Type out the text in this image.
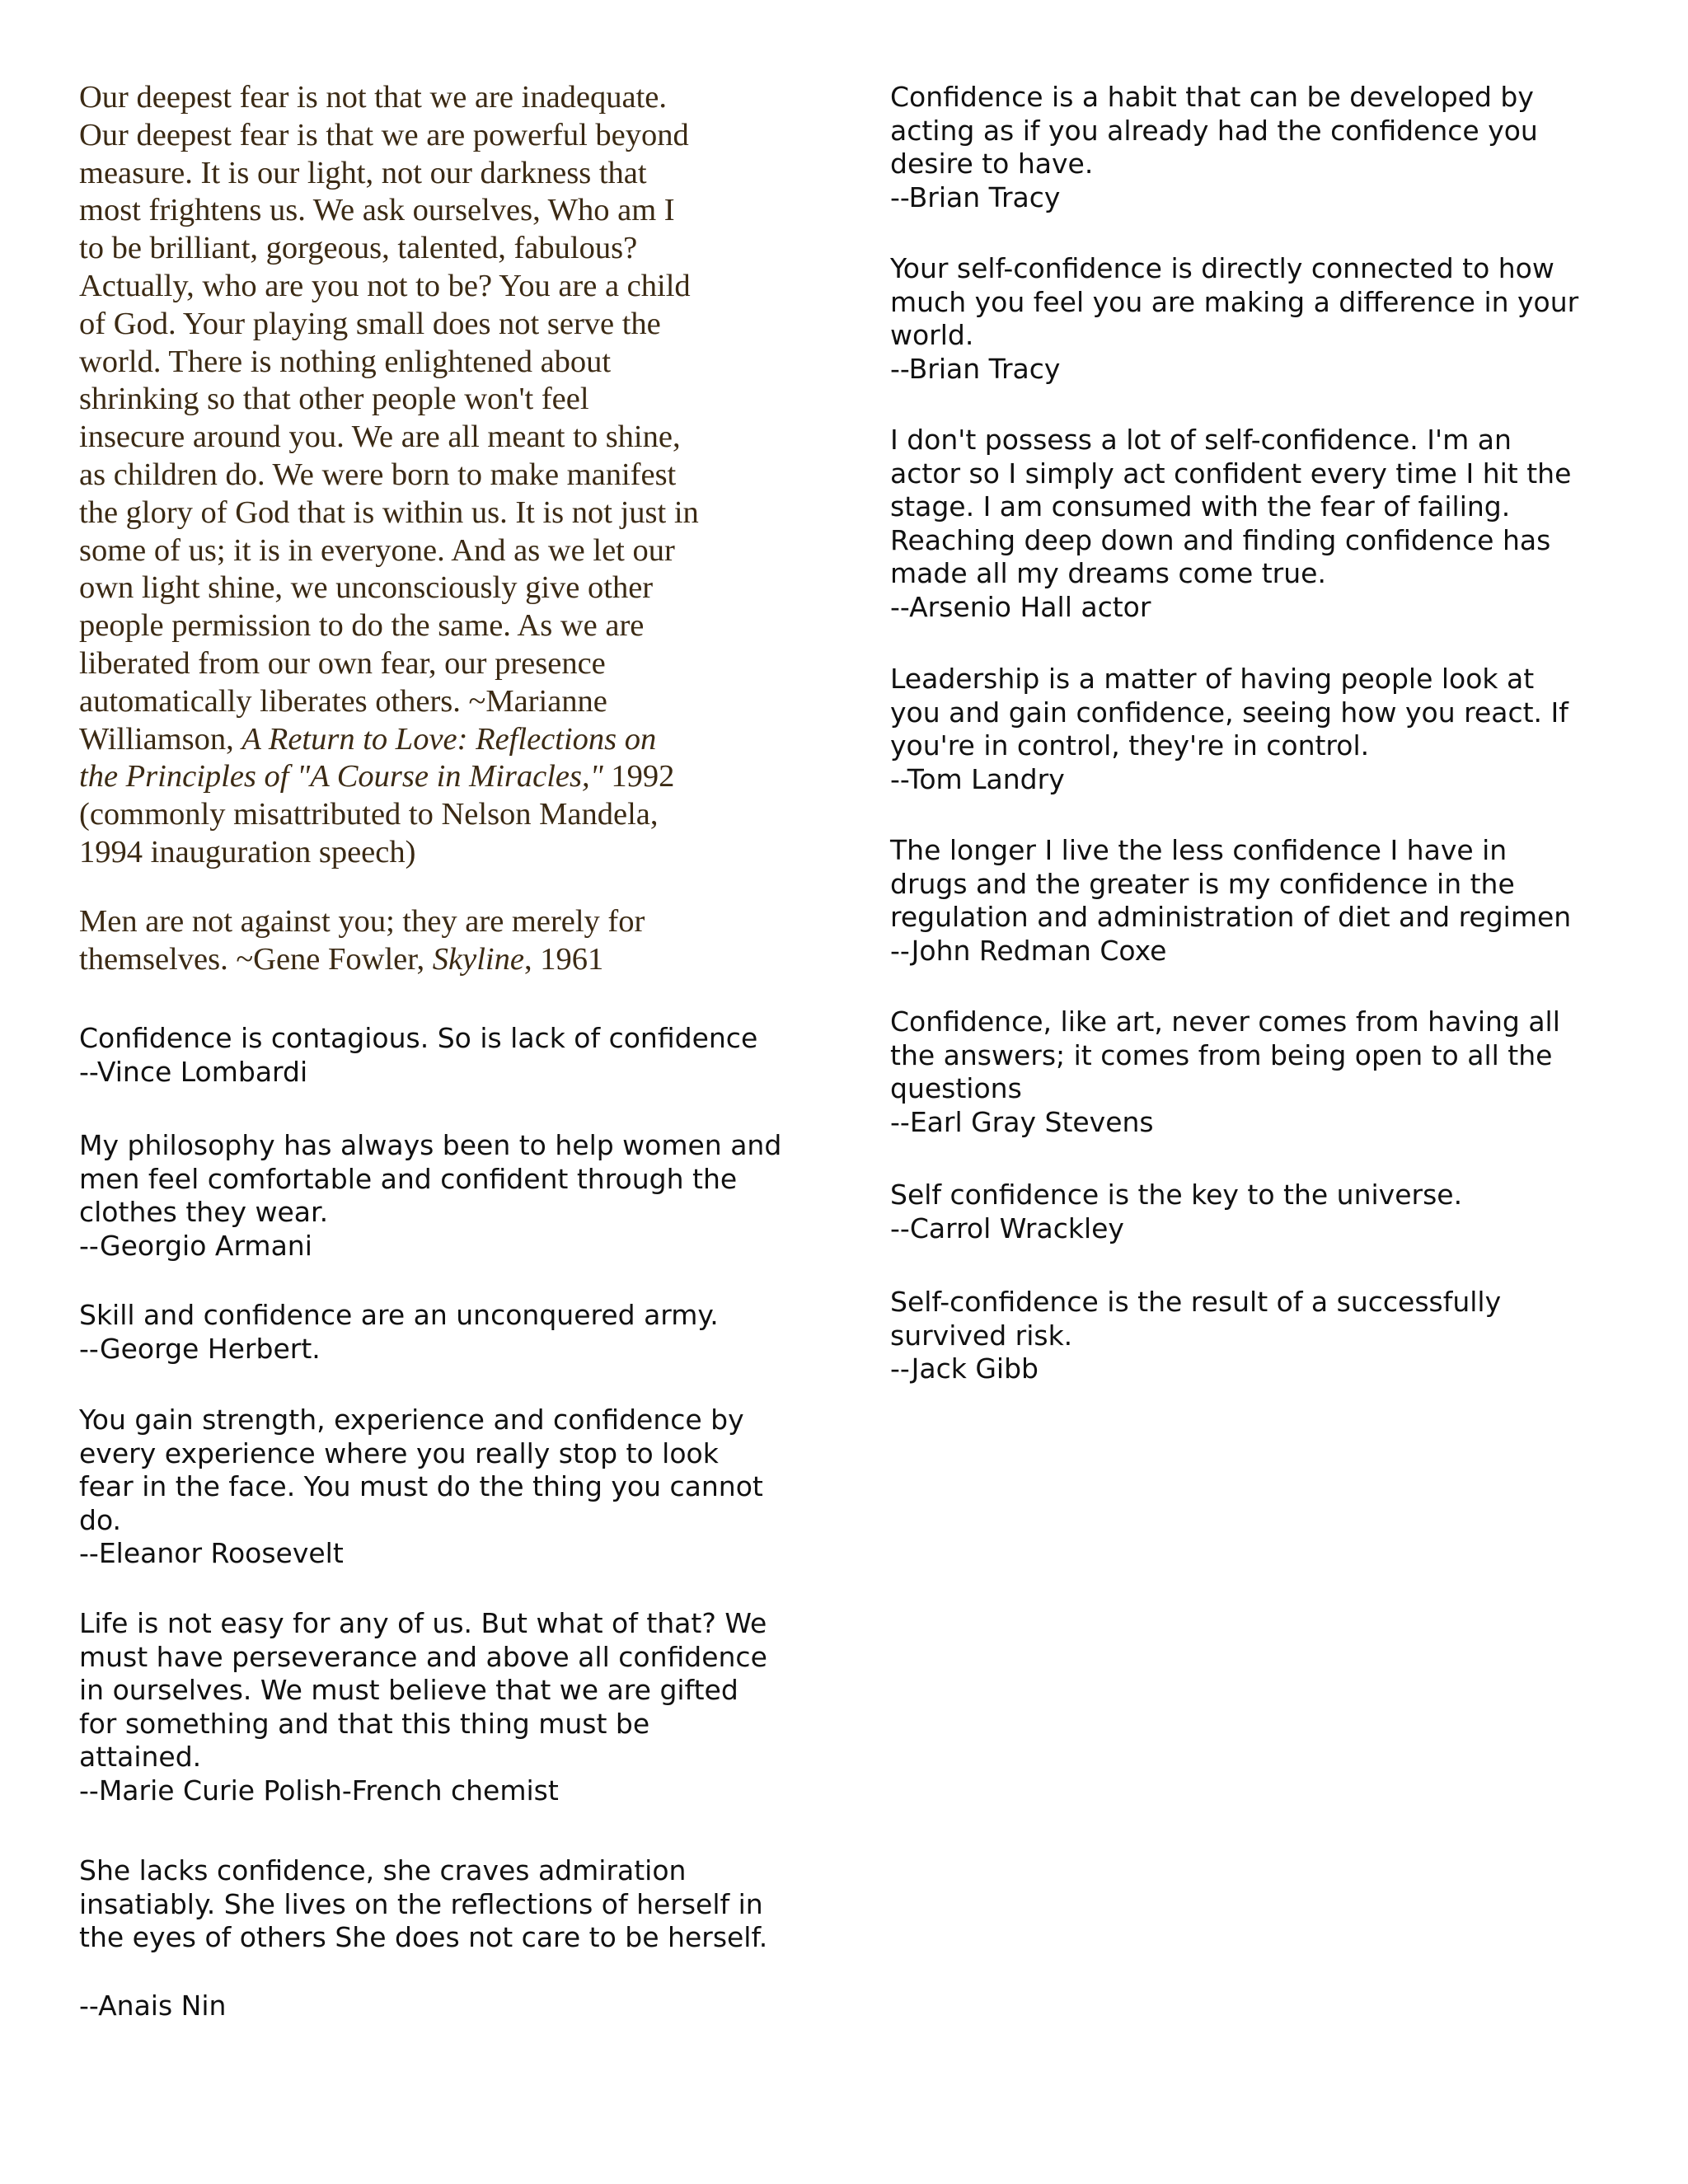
Our deepest fear is not that we are inadequate.
Our deepest fear is that we are powerful beyond
measure. It is our light, not our darkness that
most frightens us. We ask ourselves, Who am I
to be brilliant, gorgeous, talented, fabulous?
Actually, who are you not to be? You are a child
of God. Your playing small does not serve the
world. There is nothing enlightened about
shrinking so that other people won't feel
insecure around you. We are all meant to shine,
as children do. We were born to make manifest
the glory of God that is within us. It is not just in
some of us; it is in everyone. And as we let our
own light shine, we unconsciously give other
people permission to do the same. As we are
liberated from our own fear, our presence
automatically liberates others. ~Marianne
Williamson, A Return to Love: Reflections on
the Principles of "A Course in Miracles," 1992
(commonly misattributed to Nelson Mandela,
1994 inauguration speech)
Men are not against you; they are merely for
themselves. ~Gene Fowler, Skyline, 1961
Confidence is contagious. So is lack of confidence
--Vince Lombardi
My philosophy has always been to help women and
men feel comfortable and confident through the
clothes they wear.
--Georgio Armani
Skill and confidence are an unconquered army.
--George Herbert.
You gain strength, experience and confidence by
every experience where you really stop to look
fear in the face. You must do the thing you cannot
do.
--Eleanor Roosevelt
Life is not easy for any of us. But what of that? We
must have perseverance and above all confidence
in ourselves. We must believe that we are gifted
for something and that this thing must be
attained.
--Marie Curie Polish-French chemist
She lacks confidence, she craves admiration
insatiably. She lives on the reflections of herself in
the eyes of others She does not care to be herself.
--Anais Nin
Confidence is a habit that can be developed by
acting as if you already had the confidence you
desire to have.
--Brian Tracy
Your self-confidence is directly connected to how
much you feel you are making a difference in your
world.
--Brian Tracy
I don't possess a lot of self-confidence. I'm an
actor so I simply act confident every time I hit the
stage. I am consumed with the fear of failing.
Reaching deep down and finding confidence has
made all my dreams come true.
--Arsenio Hall actor
Leadership is a matter of having people look at
you and gain confidence, seeing how you react. If
you're in control, they're in control.
--Tom Landry
The longer I live the less confidence I have in
drugs and the greater is my confidence in the
regulation and administration of diet and regimen
--John Redman Coxe
Confidence, like art, never comes from having all
the answers; it comes from being open to all the
questions
--Earl Gray Stevens
Self confidence is the key to the universe.
--Carrol Wrackley
Self-confidence is the result of a successfully
survived risk.
--Jack Gibb
